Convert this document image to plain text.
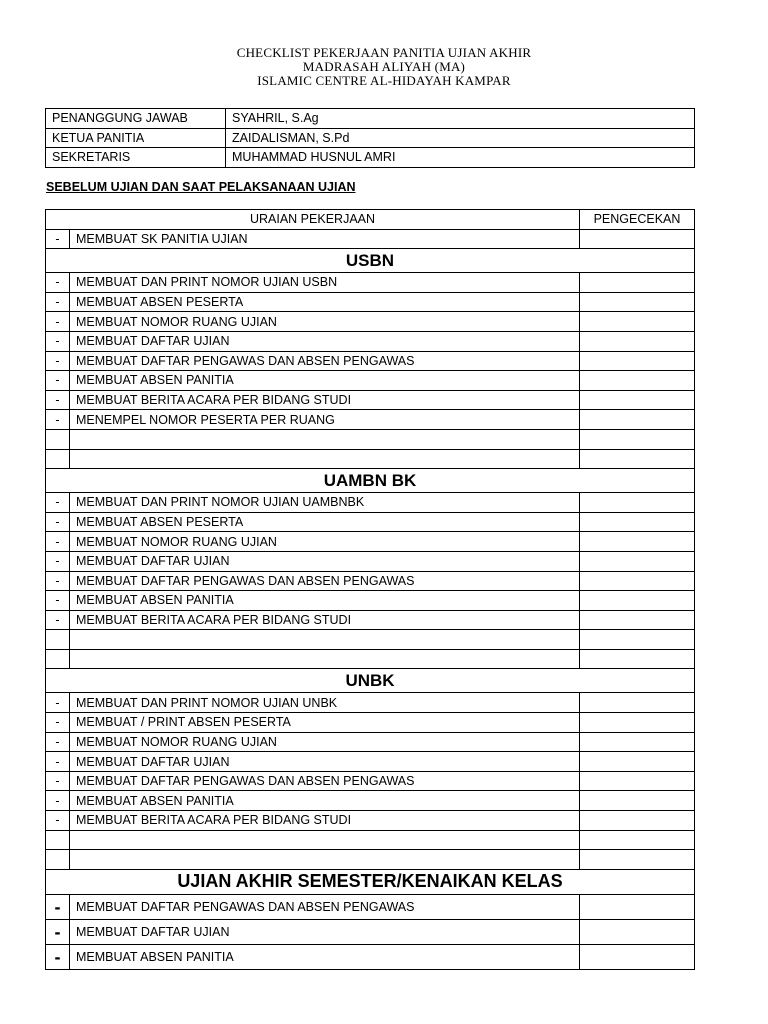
CHECKLIST PEKERJAAN PANITIA UJIAN AKHIR
MADRASAH ALIYAH (MA)
ISLAMIC CENTRE AL-HIDAYAH KAMPAR
PENANGGUNG JAWAB	SYAHRIL, S.Ag
KETUA PANITIA	ZAIDALISMAN, S.Pd
SEKRETARIS	MUHAMMAD HUSNUL AMRI
SEBELUM UJIAN DAN SAAT PELAKSANAAN UJIAN
URAIAN PEKERJAAN		PENGECEKAN
-	MEMBUAT SK PANITIA UJIAN	
USBN		
-	MEMBUAT DAN PRINT NOMOR UJIAN USBN	
-	MEMBUAT ABSEN PESERTA	
-	MEMBUAT NOMOR RUANG UJIAN	
-	MEMBUAT DAFTAR UJIAN	
-	MEMBUAT DAFTAR PENGAWAS DAN ABSEN PENGAWAS	
-	MEMBUAT ABSEN PANITIA	
-	MEMBUAT BERITA ACARA PER BIDANG STUDI	
-	MENEMPEL NOMOR PESERTA PER RUANG	

UAMBN BK		
-	MEMBUAT DAN PRINT NOMOR UJIAN UAMBNBK	
-	MEMBUAT ABSEN PESERTA	
-	MEMBUAT NOMOR RUANG UJIAN	
-	MEMBUAT DAFTAR UJIAN	
-	MEMBUAT DAFTAR PENGAWAS DAN ABSEN PENGAWAS	
-	MEMBUAT ABSEN PANITIA	
-	MEMBUAT BERITA ACARA PER BIDANG STUDI	

UNBK		
-	MEMBUAT DAN PRINT NOMOR UJIAN UNBK	
-	MEMBUAT / PRINT ABSEN PESERTA	
-	MEMBUAT NOMOR RUANG UJIAN	
-	MEMBUAT DAFTAR UJIAN	
-	MEMBUAT DAFTAR PENGAWAS DAN ABSEN PENGAWAS	
-	MEMBUAT ABSEN PANITIA	
-	MEMBUAT BERITA ACARA PER BIDANG STUDI	

UJIAN AKHIR SEMESTER/KENAIKAN KELAS		
-	MEMBUAT DAFTAR PENGAWAS DAN ABSEN PENGAWAS	
-	MEMBUAT DAFTAR UJIAN	
-	MEMBUAT ABSEN PANITIA	
